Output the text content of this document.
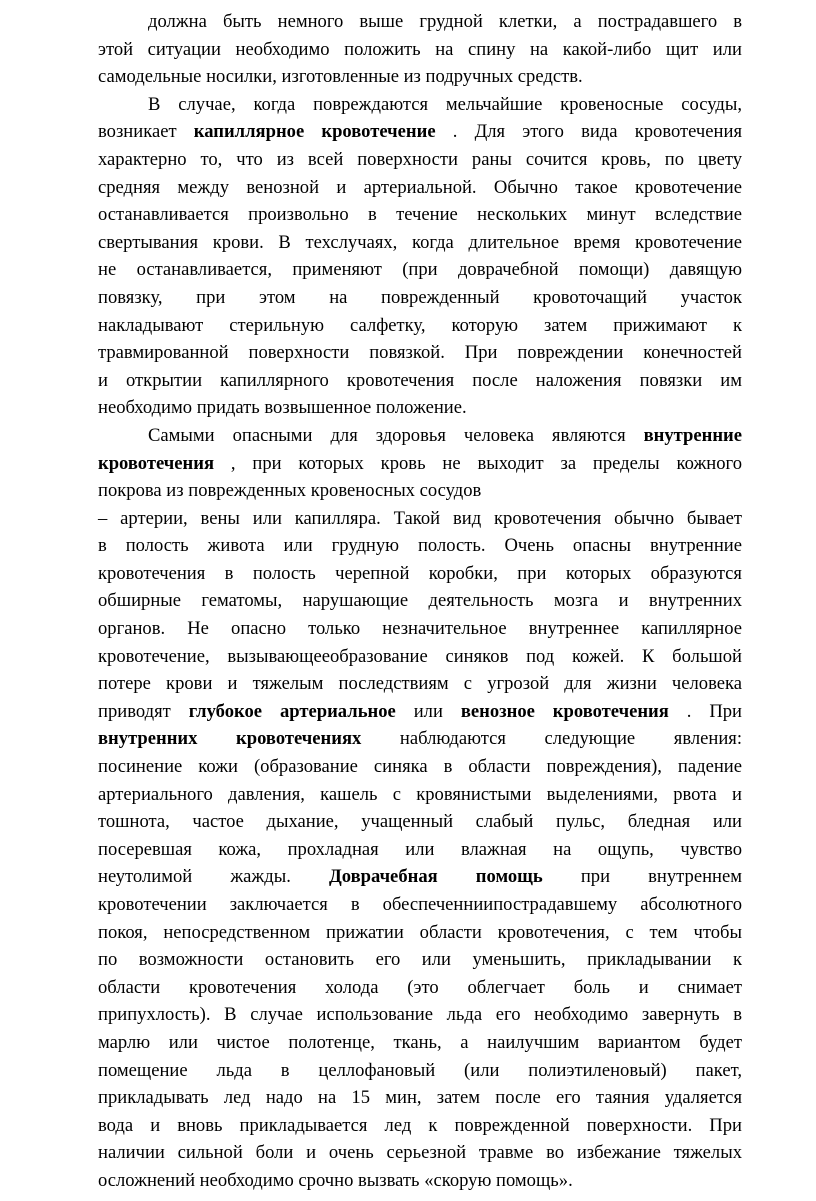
должна быть немного выше грудной клетки, а пострадавшего в
этой ситуации необходимо положить на спину на какой-либо щит или
самодельные носилки, изготовленные из подручных средств.
В случае, когда повреждаются мельчайшие кровеносные сосуды,
возникает капиллярное кровотечение . Для этого вида кровотечения
характерно то, что из всей поверхности раны сочится кровь, по цвету
средняя между венозной и артериальной. Обычно такое кровотечение
останавливается произвольно в течение нескольких минут вследствие
свертывания крови. В техслучаях, когда длительное время кровотечение
не останавливается, применяют (при доврачебной помощи) давящую
повязку, при этом на поврежденный кровоточащий участок
накладывают стерильную салфетку, которую затем прижимают к
травмированной поверхности повязкой. При повреждении конечностей
и открытии капиллярного кровотечения после наложения повязки им
необходимо придать возвышенное положение.
Самыми опасными для здоровья человека являются внутренние
кровотечения , при которых кровь не выходит за пределы кожного
покрова из поврежденных кровеносных сосудов
– артерии, вены или капилляра. Такой вид кровотечения обычно бывает
в полость живота или грудную полость. Очень опасны внутренние
кровотечения в полость черепной коробки, при которых образуются
обширные гематомы, нарушающие деятельность мозга и внутренних
органов. Не опасно только незначительное внутреннее капиллярное
кровотечение, вызывающееобразование синяков под кожей. К большой
потере крови и тяжелым последствиям с угрозой для жизни человека
приводят глубокое артериальное или венозное кровотечения . При
внутренних кровотечениях наблюдаются следующие явления:
посинение кожи (образование синяка в области повреждения), падение
артериального давления, кашель с кровянистыми выделениями, рвота и
тошнота, частое дыхание, учащенный слабый пульс, бледная или
посеревшая кожа, прохладная или влажная на ощупь, чувство
неутолимой жажды. Доврачебная помощь при внутреннем
кровотечении заключается в обеспеченниипострадавшему абсолютного
покоя, непосредственном прижатии области кровотечения, с тем чтобы
по возможности остановить его или уменьшить, прикладывании к
области кровотечения холода (это облегчает боль и снимает
припухлость). В случае использование льда его необходимо завернуть в
марлю или чистое полотенце, ткань, а наилучшим вариантом будет
помещение льда в целлофановый (или полиэтиленовый) пакет,
прикладывать лед надо на 15 мин, затем после его таяния удаляется
вода и вновь прикладывается лед к поврежденной поверхности. При
наличии сильной боли и очень серьезной травме во избежание тяжелых
осложнений необходимо срочно вызвать «скорую помощь».
